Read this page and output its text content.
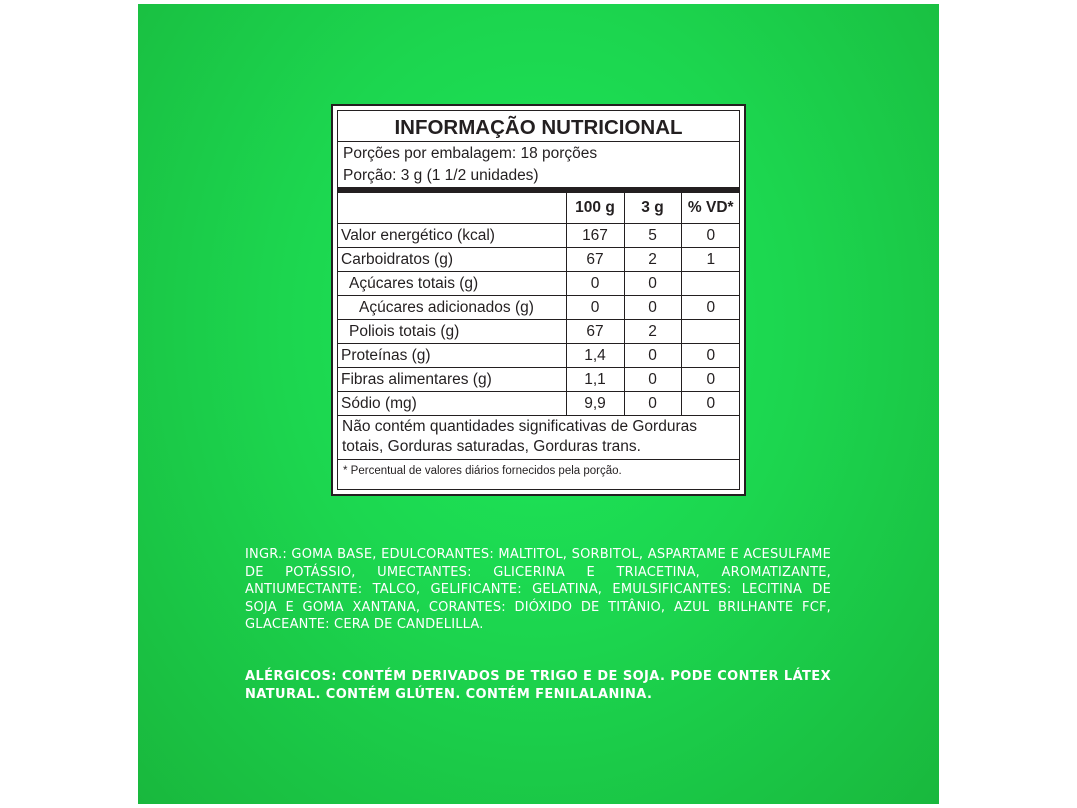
INFORMAÇÃO NUTRICIONAL
Porções por embalagem: 18 porções
Porção: 3 g (1 1/2 unidades)
	100 g	3 g	% VD*
Valor energético (kcal)	167	5	0
Carboidratos (g)	67	2	1
Açúcares totais (g)	0	0	
Açúcares adicionados (g)	0	0	0
Poliois totais (g)	67	2	
Proteínas (g)	1,4	0	0
Fibras alimentares (g)	1,1	0	0
Sódio (mg)	9,9	0	0
Não contém quantidades significativas de Gorduras totais, Gorduras saturadas, Gorduras trans.
* Percentual de valores diários fornecidos pela porção.
INGR.: GOMA BASE, EDULCORANTES: MALTITOL, SORBITOL, ASPARTAME E ACESULFAME DE POTÁSSIO, UMECTANTES: GLICERINA E TRIACETINA, AROMATIZANTE, ANTIUMECTANTE: TALCO, GELIFICANTE: GELATINA, EMULSIFICANTES: LECITINA DE SOJA E GOMA XANTANA, CORANTES: DIÓXIDO DE TITÂNIO, AZUL BRILHANTE FCF, GLACEANTE: CERA DE CANDELILLA.
ALÉRGICOS: CONTÉM DERIVADOS DE TRIGO E DE SOJA. PODE CONTER LÁTEX NATURAL. CONTÉM GLÚTEN. CONTÉM FENILALANINA.
